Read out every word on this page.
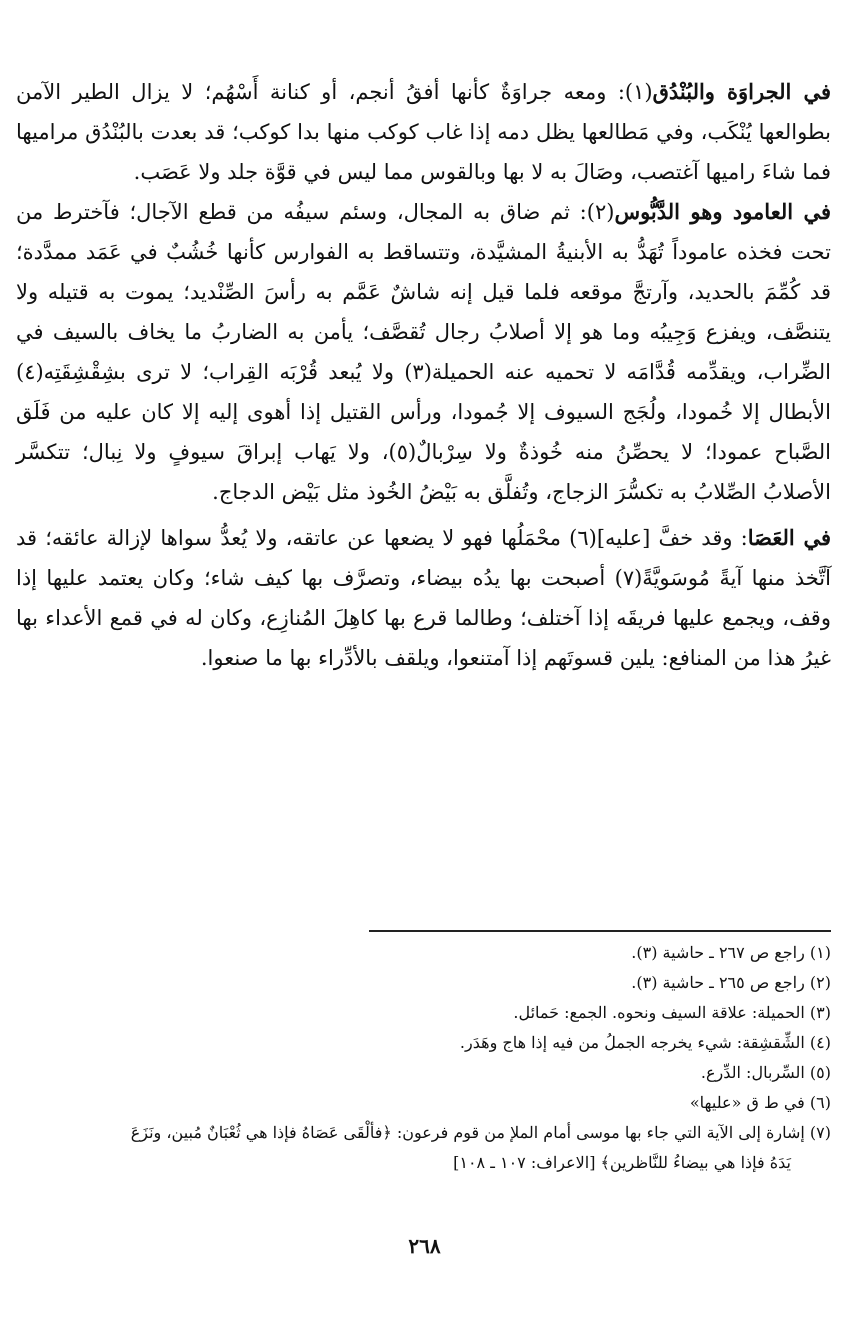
في الجراوَة والبُنْدُق(١): ومعه جراوَةٌ كأنها أفقُ أنجم، أو كنانة أَسْهُم؛ لا يزال الطير الآمن بطوالعها يُنْكَب، وفي مَطالعها يظل دمه إذا غاب كوكب منها بدا كوكب؛ قد بعدت بالبُنْدُق مراميها فما شاءَ راميها آغتصب، وصَالَ به لا بها وبالقوس مما ليس في قوَّة جلد ولا عَصَب.

في العامود وهو الدَّبُّوس(٢): ثم ضاق به المجال، وسئم سيفُه من قطع الآجال؛ فآخترط من تحت فخذه عاموداً تُهَدُّ به الأبنيةُ المشيَّدة، وتتساقط به الفوارس كأنها خُشُبٌ في عَمَد ممدَّدة؛ قد كُمِّمَ بالحديد، وآرتجَّ موقعه فلما قيل إنه شاشٌ عَمَّم به رأسَ الصِّنْديد؛ يموت به قتيله ولا يتنصَّف، ويفزع وَجِيبُه وما هو إلا أصلابُ رجال تُقصَّف؛ يأمن به الضاربُ ما يخاف بالسيف في الضِّراب، ويقدِّمه قُدَّامَه لا تحميه عنه الحميلة(٣) ولا يُبعد قُرْبَه القِراب؛ لا ترى بشِقْشِقَتِه(٤) الأبطال إلا خُمودا، ولُجَج السيوف إلا جُمودا، ورأس القتيل إذا أهوى إليه إلا كان عليه من فَلَق الصَّباح عمودا؛ لا يحصِّنُ منه خُوذةٌ ولا سِرْبالٌ(٥)، ولا يَهاب إبراقَ سيوفٍ ولا نِبال؛ تتكسَّر الأصلابُ الصِّلابُ به تكسُّرَ الزجاج، وتُفلَّق به بَيْضُ الخُوذ مثل بَيْض الدجاج.

في العَصَا: وقد خفَّ [عليه](٦) محْمَلُها فهو لا يضعها عن عاتقه، ولا يُعدُّ سواها لإزالة عائقه؛ قد آتَّخذ منها آيةً مُوسَويَّةً(٧) أصبحت بها يدُه بيضاء، وتصرَّف بها كيف شاء؛ وكان يعتمد عليها إذا وقف، ويجمع عليها فريقَه إذا آختلف؛ وطالما قرع بها كاهِلَ المُنازِع، وكان له في قمع الأعداء بها غيرُ هذا من المنافع: يلين قسوتَهم إذا آمتنعوا، ويلقف بالأدِّراء بها ما صنعوا.

(١) راجع ص ٢٦٧ ـ حاشية (٣).

(٢) راجع ص ٢٦٥ ـ حاشية (٣).

(٣) الحميلة: علاقة السيف ونحوه. الجمع: حَمائل.

(٤) الشِّقشِقة: شيء يخرجه الجملُ من فيه إذا هاج وهَدَر.

(٥) السِّربال: الدِّرع.

(٦) في ط ق «عليها»

(٧) إشارة إلى الآية التي جاء بها موسى أمام الملإ من قوم فرعون: ﴿فألْقَى عَصَاهُ فإذا هي ثُعْبَانٌ مُبين، ونَزَعَ

يَدَهُ فإذا هي بيضاءُ للنَّاظرين﴾ [الاعراف: ١٠٧ ـ ١٠٨]

٢٦٨
